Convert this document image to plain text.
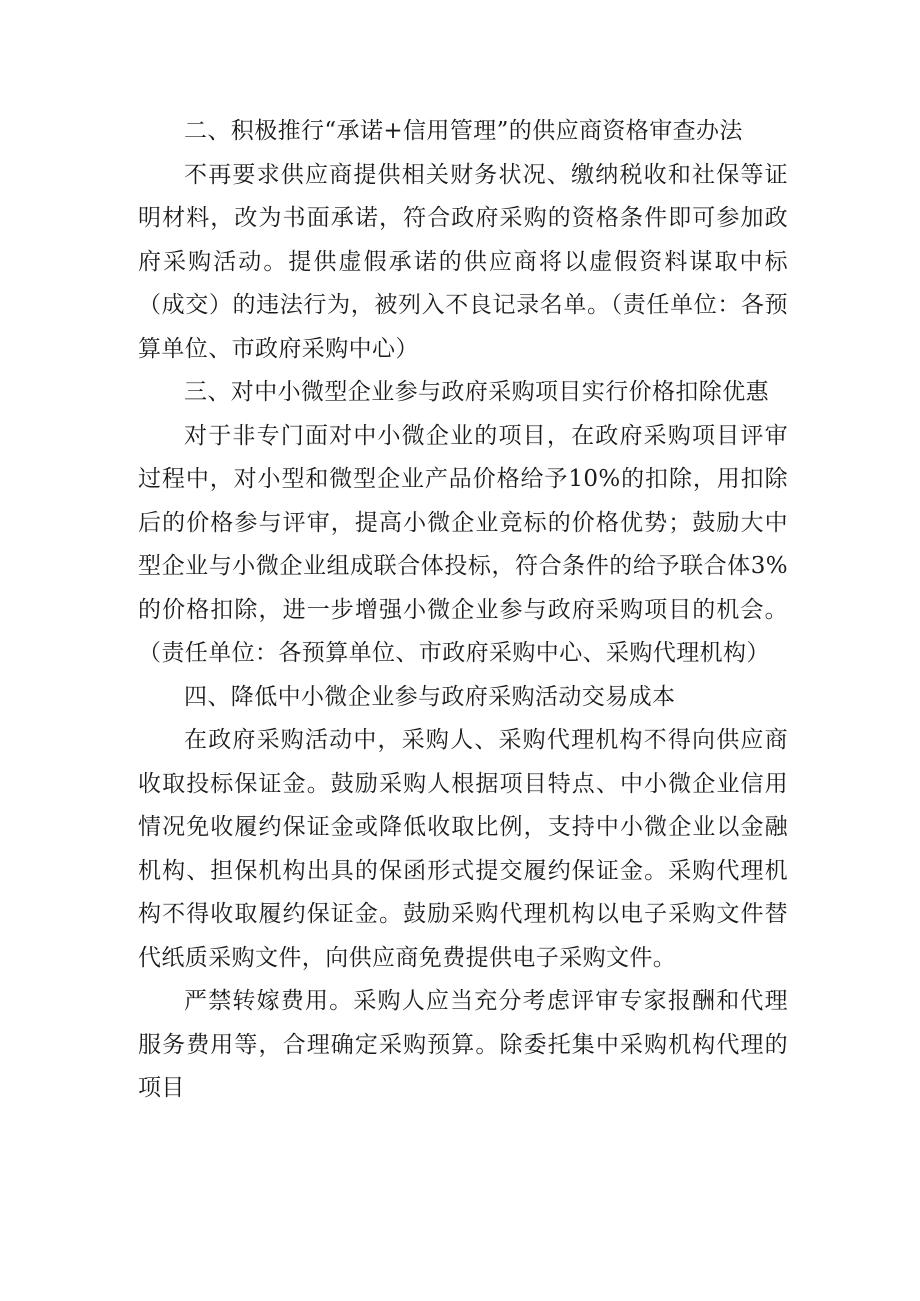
二、积极推行“承诺+信用管理”的供应商资格审查办法

不再要求供应商提供相关财务状况、缴纳税收和社保等证明材料，改为书面承诺，符合政府采购的资格条件即可参加政府采购活动。提供虚假承诺的供应商将以虚假资料谋取中标（成交）的违法行为，被列入不良记录名单。（责任单位：各预算单位、市政府采购中心）

三、对中小微型企业参与政府采购项目实行价格扣除优惠

对于非专门面对中小微企业的项目，在政府采购项目评审过程中，对小型和微型企业产品价格给予10%的扣除，用扣除后的价格参与评审，提高小微企业竞标的价格优势；鼓励大中型企业与小微企业组成联合体投标，符合条件的给予联合体3%的价格扣除，进一步增强小微企业参与政府采购项目的机会。（责任单位：各预算单位、市政府采购中心、采购代理机构）

四、降低中小微企业参与政府采购活动交易成本

在政府采购活动中，采购人、采购代理机构不得向供应商收取投标保证金。鼓励采购人根据项目特点、中小微企业信用情况免收履约保证金或降低收取比例，支持中小微企业以金融机构、担保机构出具的保函形式提交履约保证金。采购代理机构不得收取履约保证金。鼓励采购代理机构以电子采购文件替代纸质采购文件，向供应商免费提供电子采购文件。

严禁转嫁费用。采购人应当充分考虑评审专家报酬和代理服务费用等，合理确定采购预算。除委托集中采购机构代理的项目
